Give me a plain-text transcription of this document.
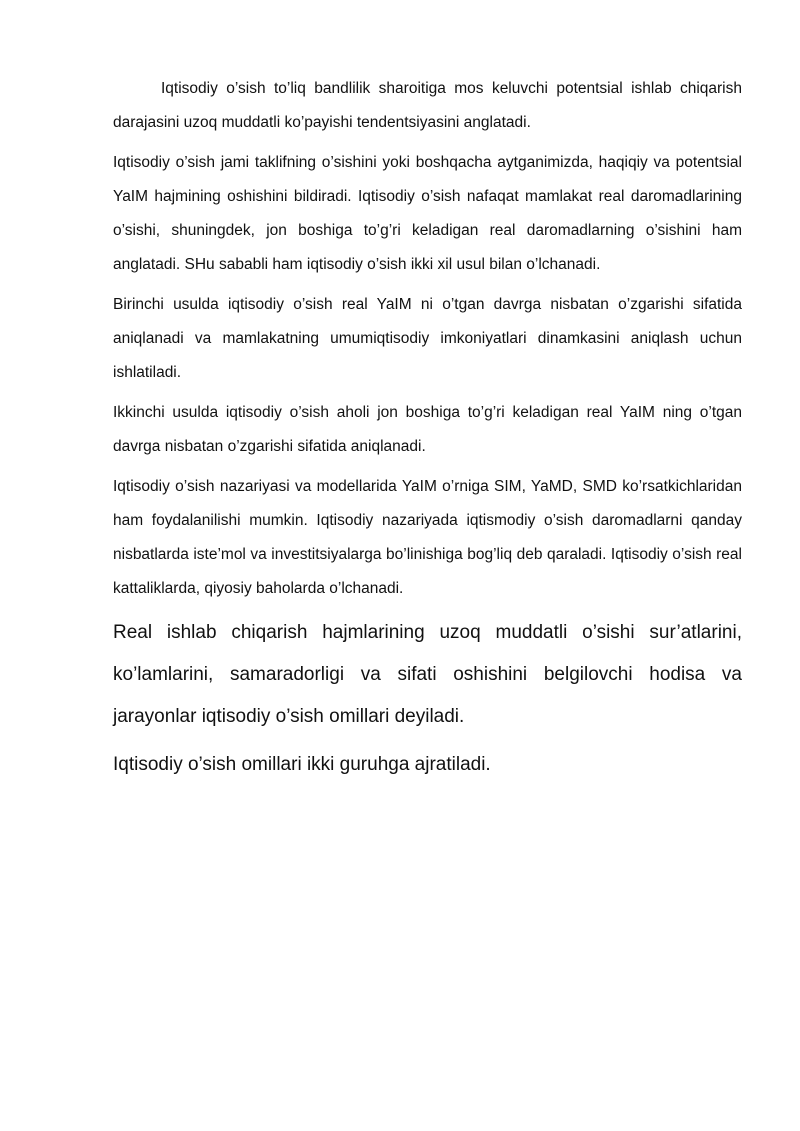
Iqtisodiy o’sish to’liq bandlilik sharoitiga mos keluvchi potentsial ishlab chiqarish darajasini uzoq muddatli ko’payishi tendentsiyasini anglatadi.

Iqtisodiy o’sish jami taklifning o’sishini yoki boshqacha aytganimizda, haqiqiy va potentsial YaIM hajmining oshishini bildiradi. Iqtisodiy o’sish nafaqat mamlakat real daromadlarining o’sishi, shuningdek, jon boshiga to’g’ri keladigan real daromadlarning o’sishini ham anglatadi. SHu sababli ham iqtisodiy o’sish ikki xil usul bilan o’lchanadi.

Birinchi usulda iqtisodiy o’sish real YaIM ni o’tgan davrga nisbatan o’zgarishi sifatida aniqlanadi va mamlakatning umumiqtisodiy imkoniyatlari dinamkasini aniqlash uchun ishlatiladi.

Ikkinchi usulda iqtisodiy o’sish aholi jon boshiga to’g’ri keladigan real YaIM ning o’tgan davrga nisbatan o’zgarishi sifatida aniqlanadi.

Iqtisodiy o’sish nazariyasi va modellarida YaIM o’rniga SIM, YaMD, SMD ko’rsatkichlaridan ham foydalanilishi mumkin. Iqtisodiy nazariyada iqtismodiy o’sish daromadlarni qanday nisbatlarda iste’mol va investitsiyalarga bo’linishiga bog’liq deb qaraladi. Iqtisodiy o’sish real kattaliklarda, qiyosiy baholarda o’lchanadi.

Real ishlab chiqarish hajmlarining uzoq muddatli o’sishi sur’atlarini, ko’lamlarini, samaradorligi va sifati oshishini belgilovchi hodisa va jarayonlar iqtisodiy o’sish omillari deyiladi.

Iqtisodiy o’sish omillari ikki guruhga ajratiladi.
